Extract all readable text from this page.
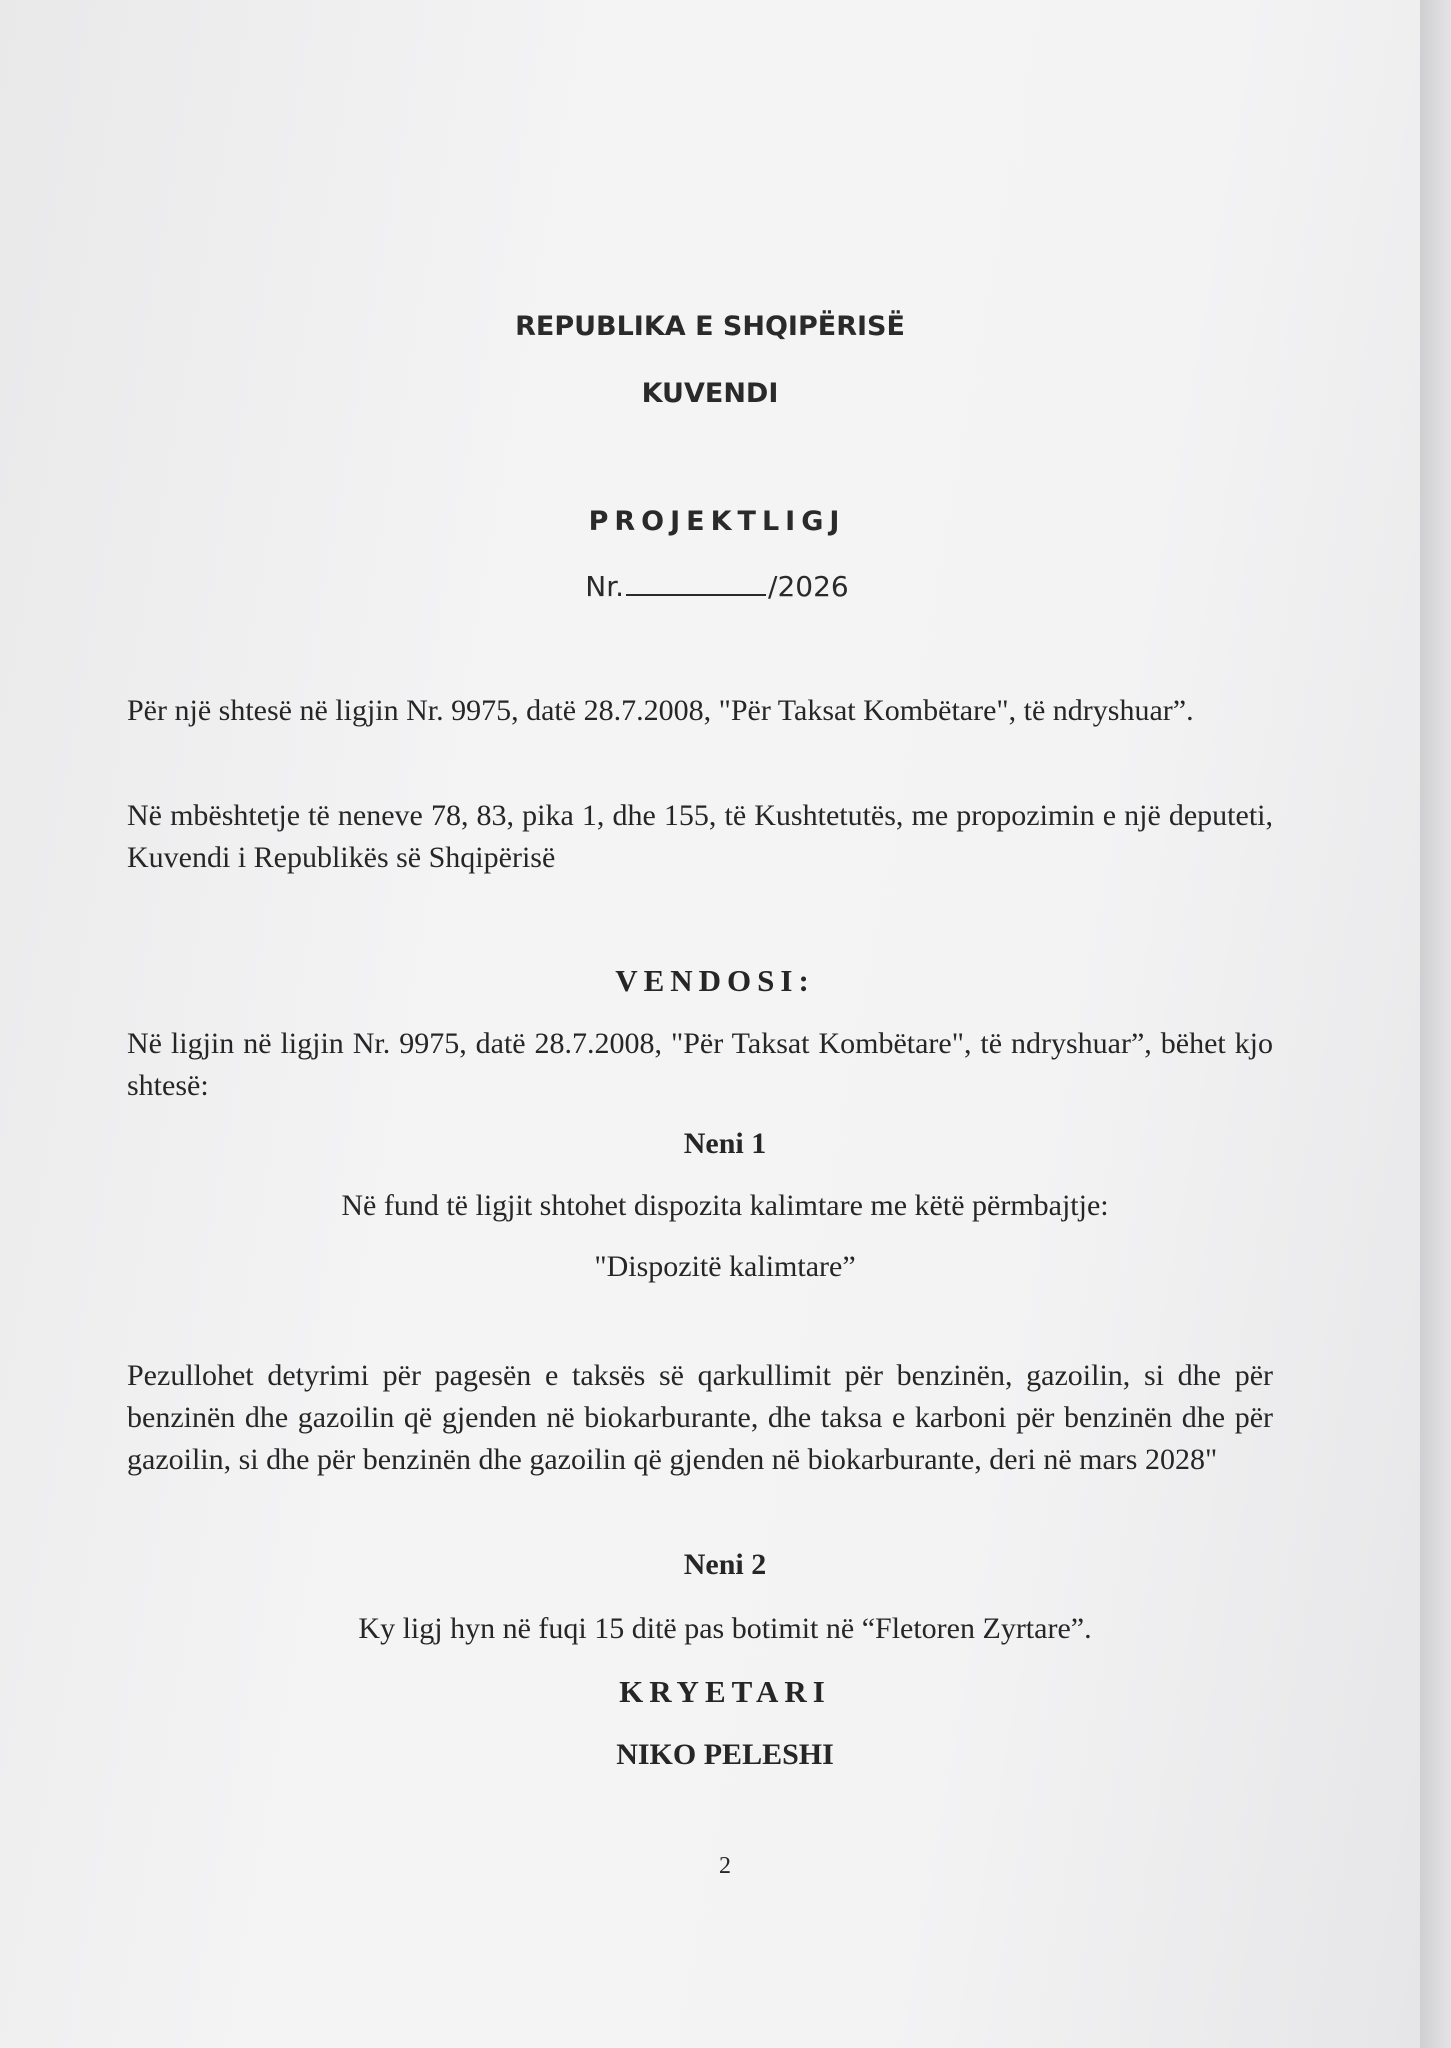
REPUBLIKA E SHQIPËRISË

KUVENDI

PROJEKTLIGJ

Nr.	/2026

Për një shtesë në ligjin Nr. 9975, datë 28.7.2008, "Për Taksat Kombëtare", të ndryshuar”.

Në mbështetje të neneve 78, 83, pika 1, dhe 155, të Kushtetutës, me propozimin e një deputeti, Kuvendi i Republikës së Shqipërisë

VENDOSI:

Në ligjin në ligjin Nr. 9975, datë 28.7.2008, "Për Taksat Kombëtare", të ndryshuar”, bëhet kjo shtesë:

Neni 1

Në fund të ligjit shtohet dispozita kalimtare me këtë përmbajtje:

"Dispozitë kalimtare”

Pezullohet detyrimi për pagesën e taksës së qarkullimit për benzinën, gazoilin, si dhe për benzinën dhe gazoilin që gjenden në biokarburante, dhe taksa e karboni për benzinën dhe për gazoilin, si dhe për benzinën dhe gazoilin që gjenden në biokarburante, deri në mars 2028"

Neni 2

Ky ligj hyn në fuqi 15 ditë pas botimit në “Fletoren Zyrtare”.

KRYETARI

NIKO PELESHI

2
